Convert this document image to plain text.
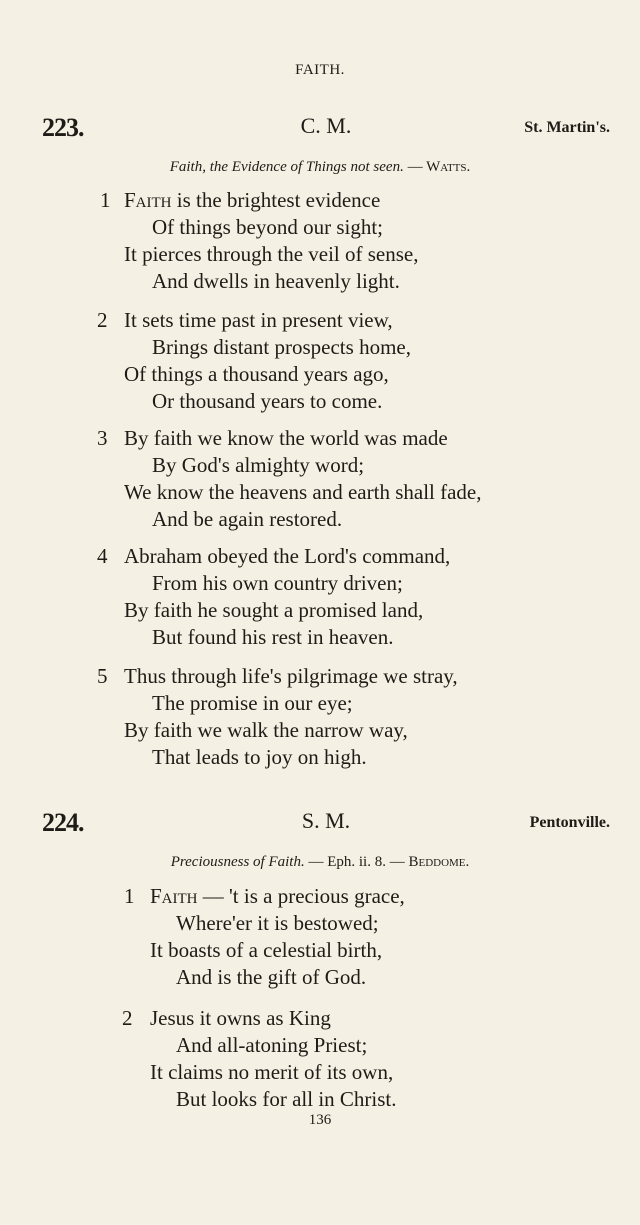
FAITH.
223.	C. M.	St. Martin's.
Faith, the Evidence of Things not seen. — Watts.
1 Faith is the brightest evidence
Of things beyond our sight;
It pierces through the veil of sense,
And dwells in heavenly light.
2 It sets time past in present view,
Brings distant prospects home,
Of things a thousand years ago,
Or thousand years to come.
3 By faith we know the world was made
By God's almighty word;
We know the heavens and earth shall fade,
And be again restored.
4 Abraham obeyed the Lord's command,
From his own country driven;
By faith he sought a promised land,
But found his rest in heaven.
5 Thus through life's pilgrimage we stray,
The promise in our eye;
By faith we walk the narrow way,
That leads to joy on high.
224.	S. M.	Pentonville.
Preciousness of Faith. — Eph. ii. 8. — Beddome.
1 Faith — 't is a precious grace,
Where'er it is bestowed;
It boasts of a celestial birth,
And is the gift of God.
2 Jesus it owns as King
And all-atoning Priest;
It claims no merit of its own,
But looks for all in Christ.
136
